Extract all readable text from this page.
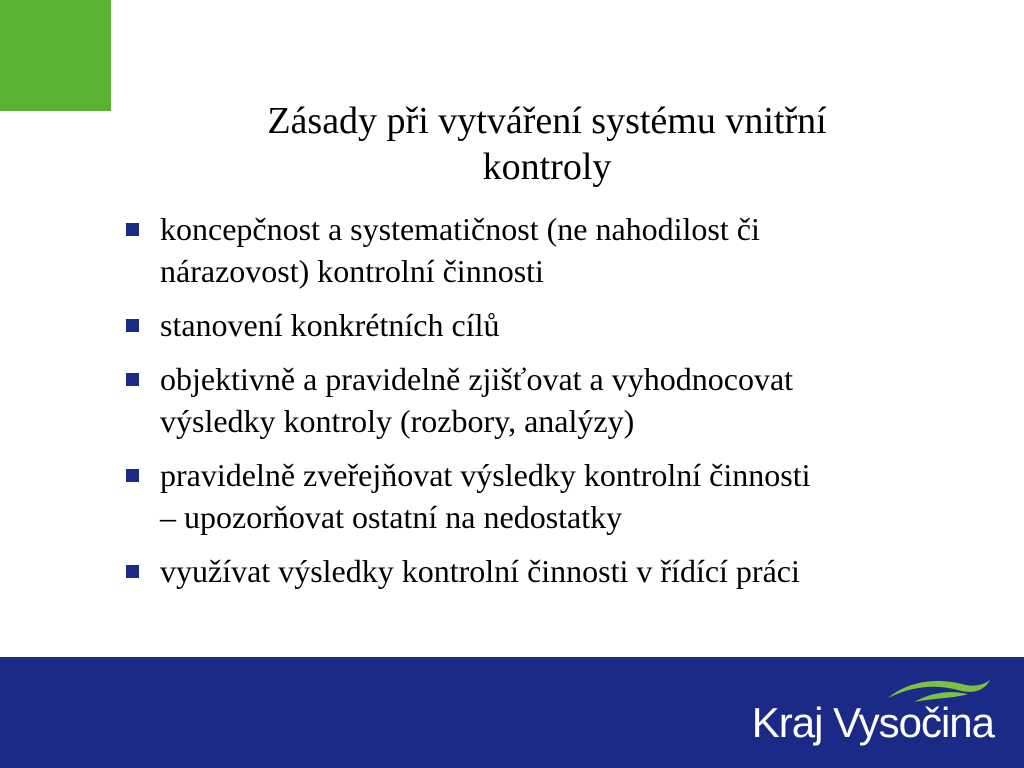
Zásady při vytváření systému vnitřní
kontroly
koncepčnost a systematičnost (ne nahodilost či
nárazovost) kontrolní činnosti
stanovení konkrétních cílů
objektivně a pravidelně zjišťovat a vyhodnocovat
výsledky kontroly (rozbory, analýzy)
pravidelně zveřejňovat výsledky kontrolní činnosti
– upozorňovat ostatní na nedostatky
využívat výsledky kontrolní činnosti v řídící práci
Kraj Vysočina
